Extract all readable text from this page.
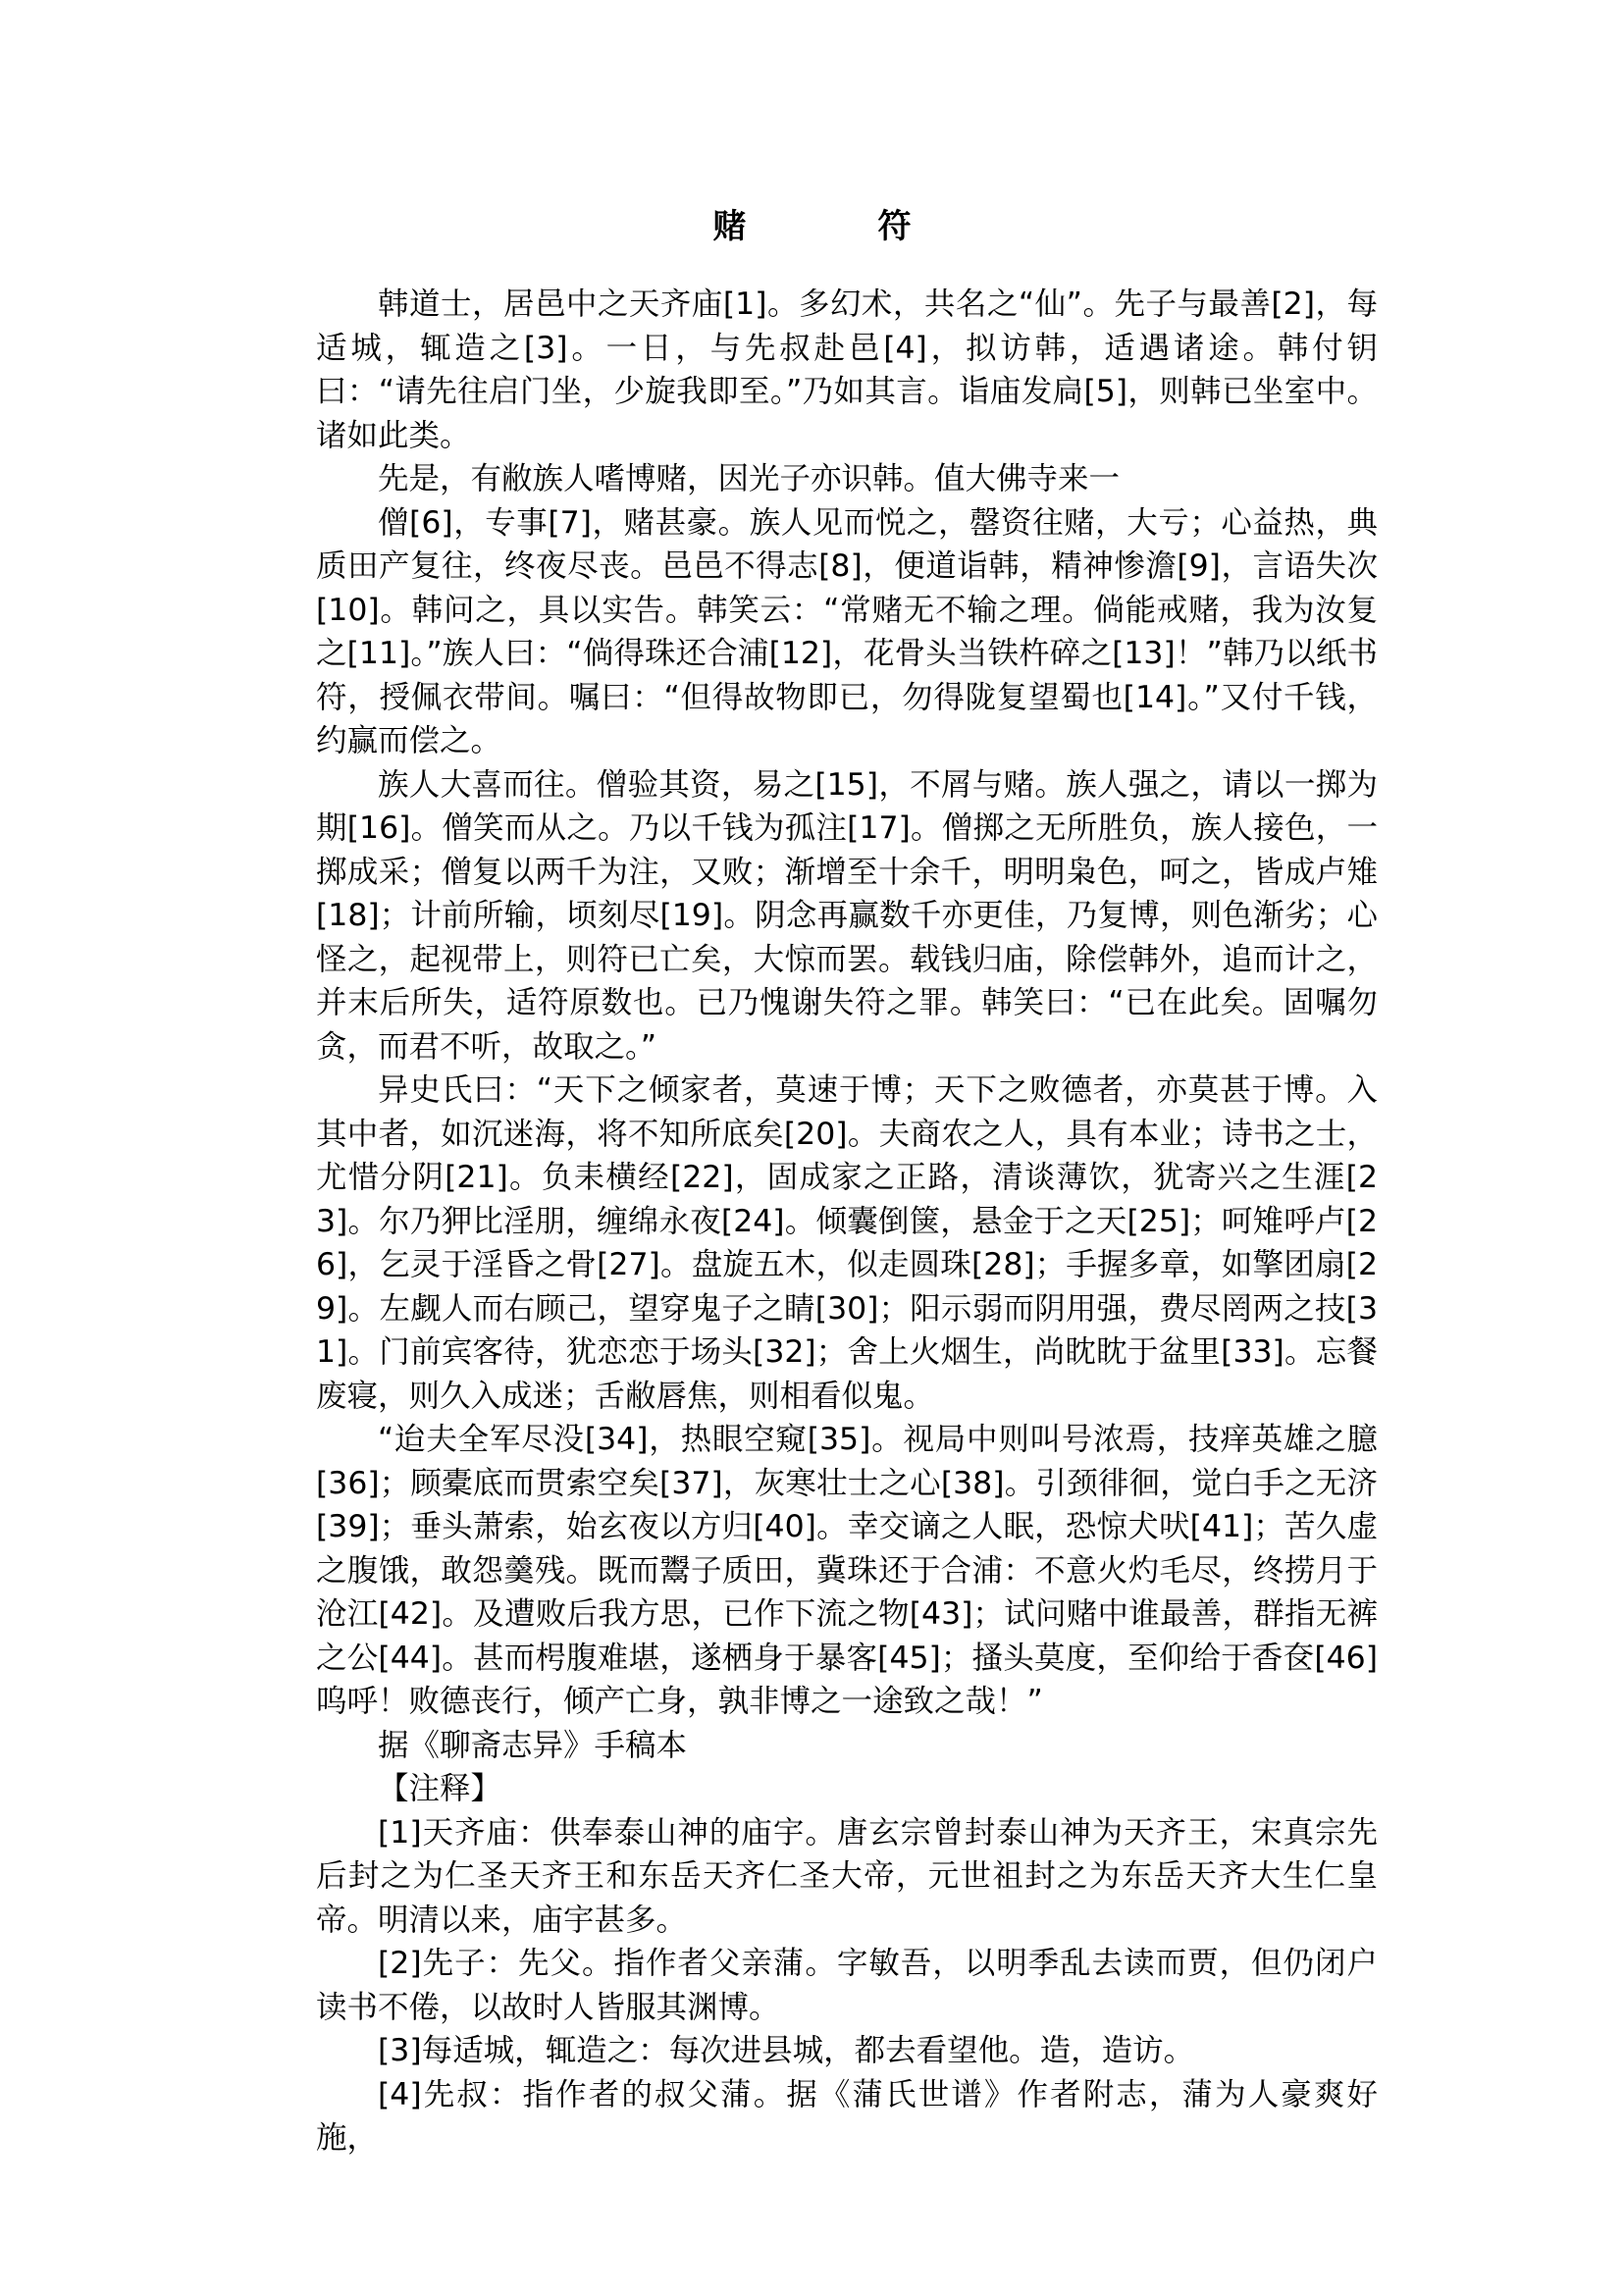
赌　符

韩道士，居邑中之天齐庙[1]。多幻术，共名之“仙”。先子与最善[2]，每适城，辄造之[3]。一日，与先叔赴邑[4]，拟访韩，适遇诸途。韩付钥曰：“请先往启门坐，少旋我即至。”乃如其言。诣庙发扃[5]，则韩已坐室中。诸如此类。

先是，有敝族人嗜博赌，因光子亦识韩。值大佛寺来一

僧[6]，专事[7]，赌甚豪。族人见而悦之，罄资往赌，大亏；心益热，典质田产复往，终夜尽丧。邑邑不得志[8]，便道诣韩，精神惨澹[9]，言语失次[10]。韩问之，具以实告。韩笑云：“常赌无不输之理。倘能戒赌，我为汝复之[11]。”族人曰：“倘得珠还合浦[12]，花骨头当铁杵碎之[13]！”韩乃以纸书符，授佩衣带间。嘱曰：“但得故物即已，勿得陇复望蜀也[14]。”又付千钱，约赢而偿之。

族人大喜而往。僧验其资，易之[15]，不屑与赌。族人强之，请以一掷为期[16]。僧笑而从之。乃以千钱为孤注[17]。僧掷之无所胜负，族人接色，一掷成采；僧复以两千为注，又败；渐增至十余千，明明枭色，呵之，皆成卢雉[18]；计前所输，顷刻尽[19]。阴念再赢数千亦更佳，乃复博，则色渐劣；心怪之，起视带上，则符已亡矣，大惊而罢。载钱归庙，除偿韩外，追而计之，并末后所失，适符原数也。已乃愧谢失符之罪。韩笑曰：“已在此矣。固嘱勿贪，而君不听，故取之。”

异史氏曰：“天下之倾家者，莫速于博；天下之败德者，亦莫甚于博。入其中者，如沉迷海，将不知所底矣[20]。夫商农之人，具有本业；诗书之士，尤惜分阴[21]。负耒横经[22]，固成家之正路，清谈薄饮，犹寄兴之生涯[23]。尔乃狎比淫朋，缠绵永夜[24]。倾囊倒箧，悬金于之天[25]；呵雉呼卢[26]，乞灵于淫昏之骨[27]。盘旋五木，似走圆珠[28]；手握多章，如擎团扇[29]。左觑人而右顾己，望穿鬼子之睛[30]；阳示弱而阴用强，费尽罔两之技[31]。门前宾客待，犹恋恋于场头[32]；舍上火烟生，尚眈眈于盆里[33]。忘餐废寝，则久入成迷；舌敝唇焦，则相看似鬼。

“迨夫全军尽没[34]，热眼空窥[35]。视局中则叫号浓焉，技痒英雄之臆[36]；顾橐底而贯索空矣[37]，灰寒壮士之心[38]。引颈徘徊，觉白手之无济[39]；垂头萧索，始玄夜以方归[40]。幸交谪之人眠，恐惊犬吠[41]；苦久虚之腹饿，敢怨羹残。既而鬻子质田，冀珠还于合浦：不意火灼毛尽，终捞月于沧江[42]。及遭败后我方思，已作下流之物[43]；试问赌中谁最善，群指无裤之公[44]。甚而枵腹难堪，遂栖身于暴客[45]；搔头莫度，至仰给于香奁[46]呜呼！败德丧行，倾产亡身，孰非博之一途致之哉！”

据《聊斋志异》手稿本

【注释】

[1]天齐庙：供奉泰山神的庙宇。唐玄宗曾封泰山神为天齐王，宋真宗先后封之为仁圣天齐王和东岳天齐仁圣大帝，元世祖封之为东岳天齐大生仁皇帝。明清以来，庙宇甚多。

[2]先子：先父。指作者父亲蒲。字敏吾，以明季乱去读而贾，但仍闭户读书不倦，以故时人皆服其渊博。

[3]每适城，辄造之：每次进县城，都去看望他。造，造访。

[4]先叔：指作者的叔父蒲。据《蒲氏世谱》作者附志，蒲为人豪爽好施，
